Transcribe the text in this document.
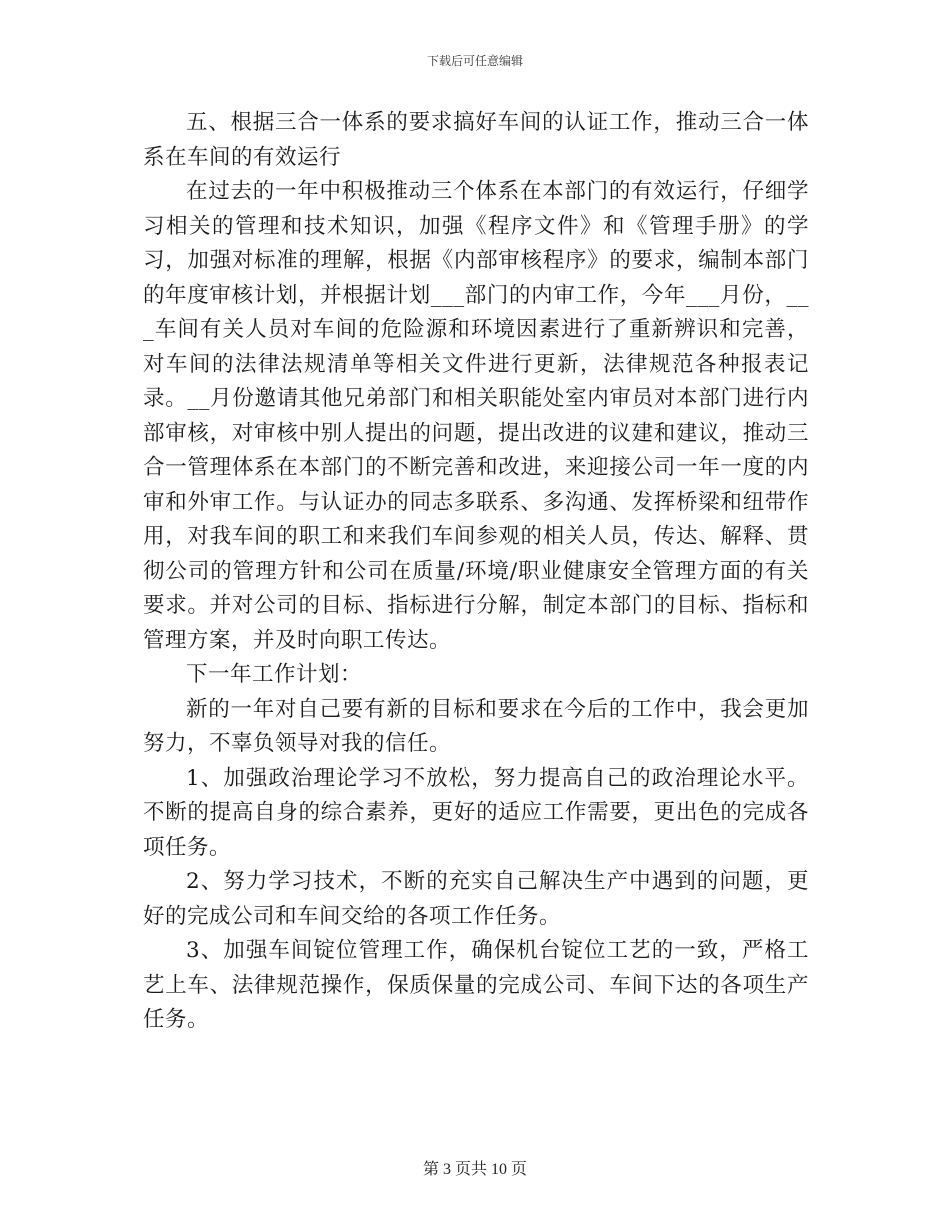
下载后可任意编辑

五、根据三合一体系的要求搞好车间的认证工作，推动三合一体系在车间的有效运行

在过去的一年中积极推动三个体系在本部门的有效运行，仔细学习相关的管理和技术知识，加强《程序文件》和《管理手册》的学习，加强对标准的理解，根据《内部审核程序》的要求，编制本部门的年度审核计划，并根据计划___部门的内审工作，今年___月份，___车间有关人员对车间的危险源和环境因素进行了重新辨识和完善，对车间的法律法规清单等相关文件进行更新，法律规范各种报表记录。__月份邀请其他兄弟部门和相关职能处室内审员对本部门进行内部审核，对审核中别人提出的问题，提出改进的议建和建议，推动三合一管理体系在本部门的不断完善和改进，来迎接公司一年一度的内审和外审工作。与认证办的同志多联系、多沟通、发挥桥梁和纽带作用，对我车间的职工和来我们车间参观的相关人员，传达、解释、贯彻公司的管理方针和公司在质量/环境/职业健康安全管理方面的有关要求。并对公司的目标、指标进行分解，制定本部门的目标、指标和管理方案，并及时向职工传达。

下一年工作计划：

新的一年对自己要有新的目标和要求在今后的工作中，我会更加努力，不辜负领导对我的信任。

1、加强政治理论学习不放松，努力提高自己的政治理论水平。不断的提高自身的综合素养，更好的适应工作需要，更出色的完成各项任务。

2、努力学习技术，不断的充实自己解决生产中遇到的问题，更好的完成公司和车间交给的各项工作任务。

3、加强车间锭位管理工作，确保机台锭位工艺的一致，严格工艺上车、法律规范操作，保质保量的完成公司、车间下达的各项生产任务。

第 3 页共 10 页
